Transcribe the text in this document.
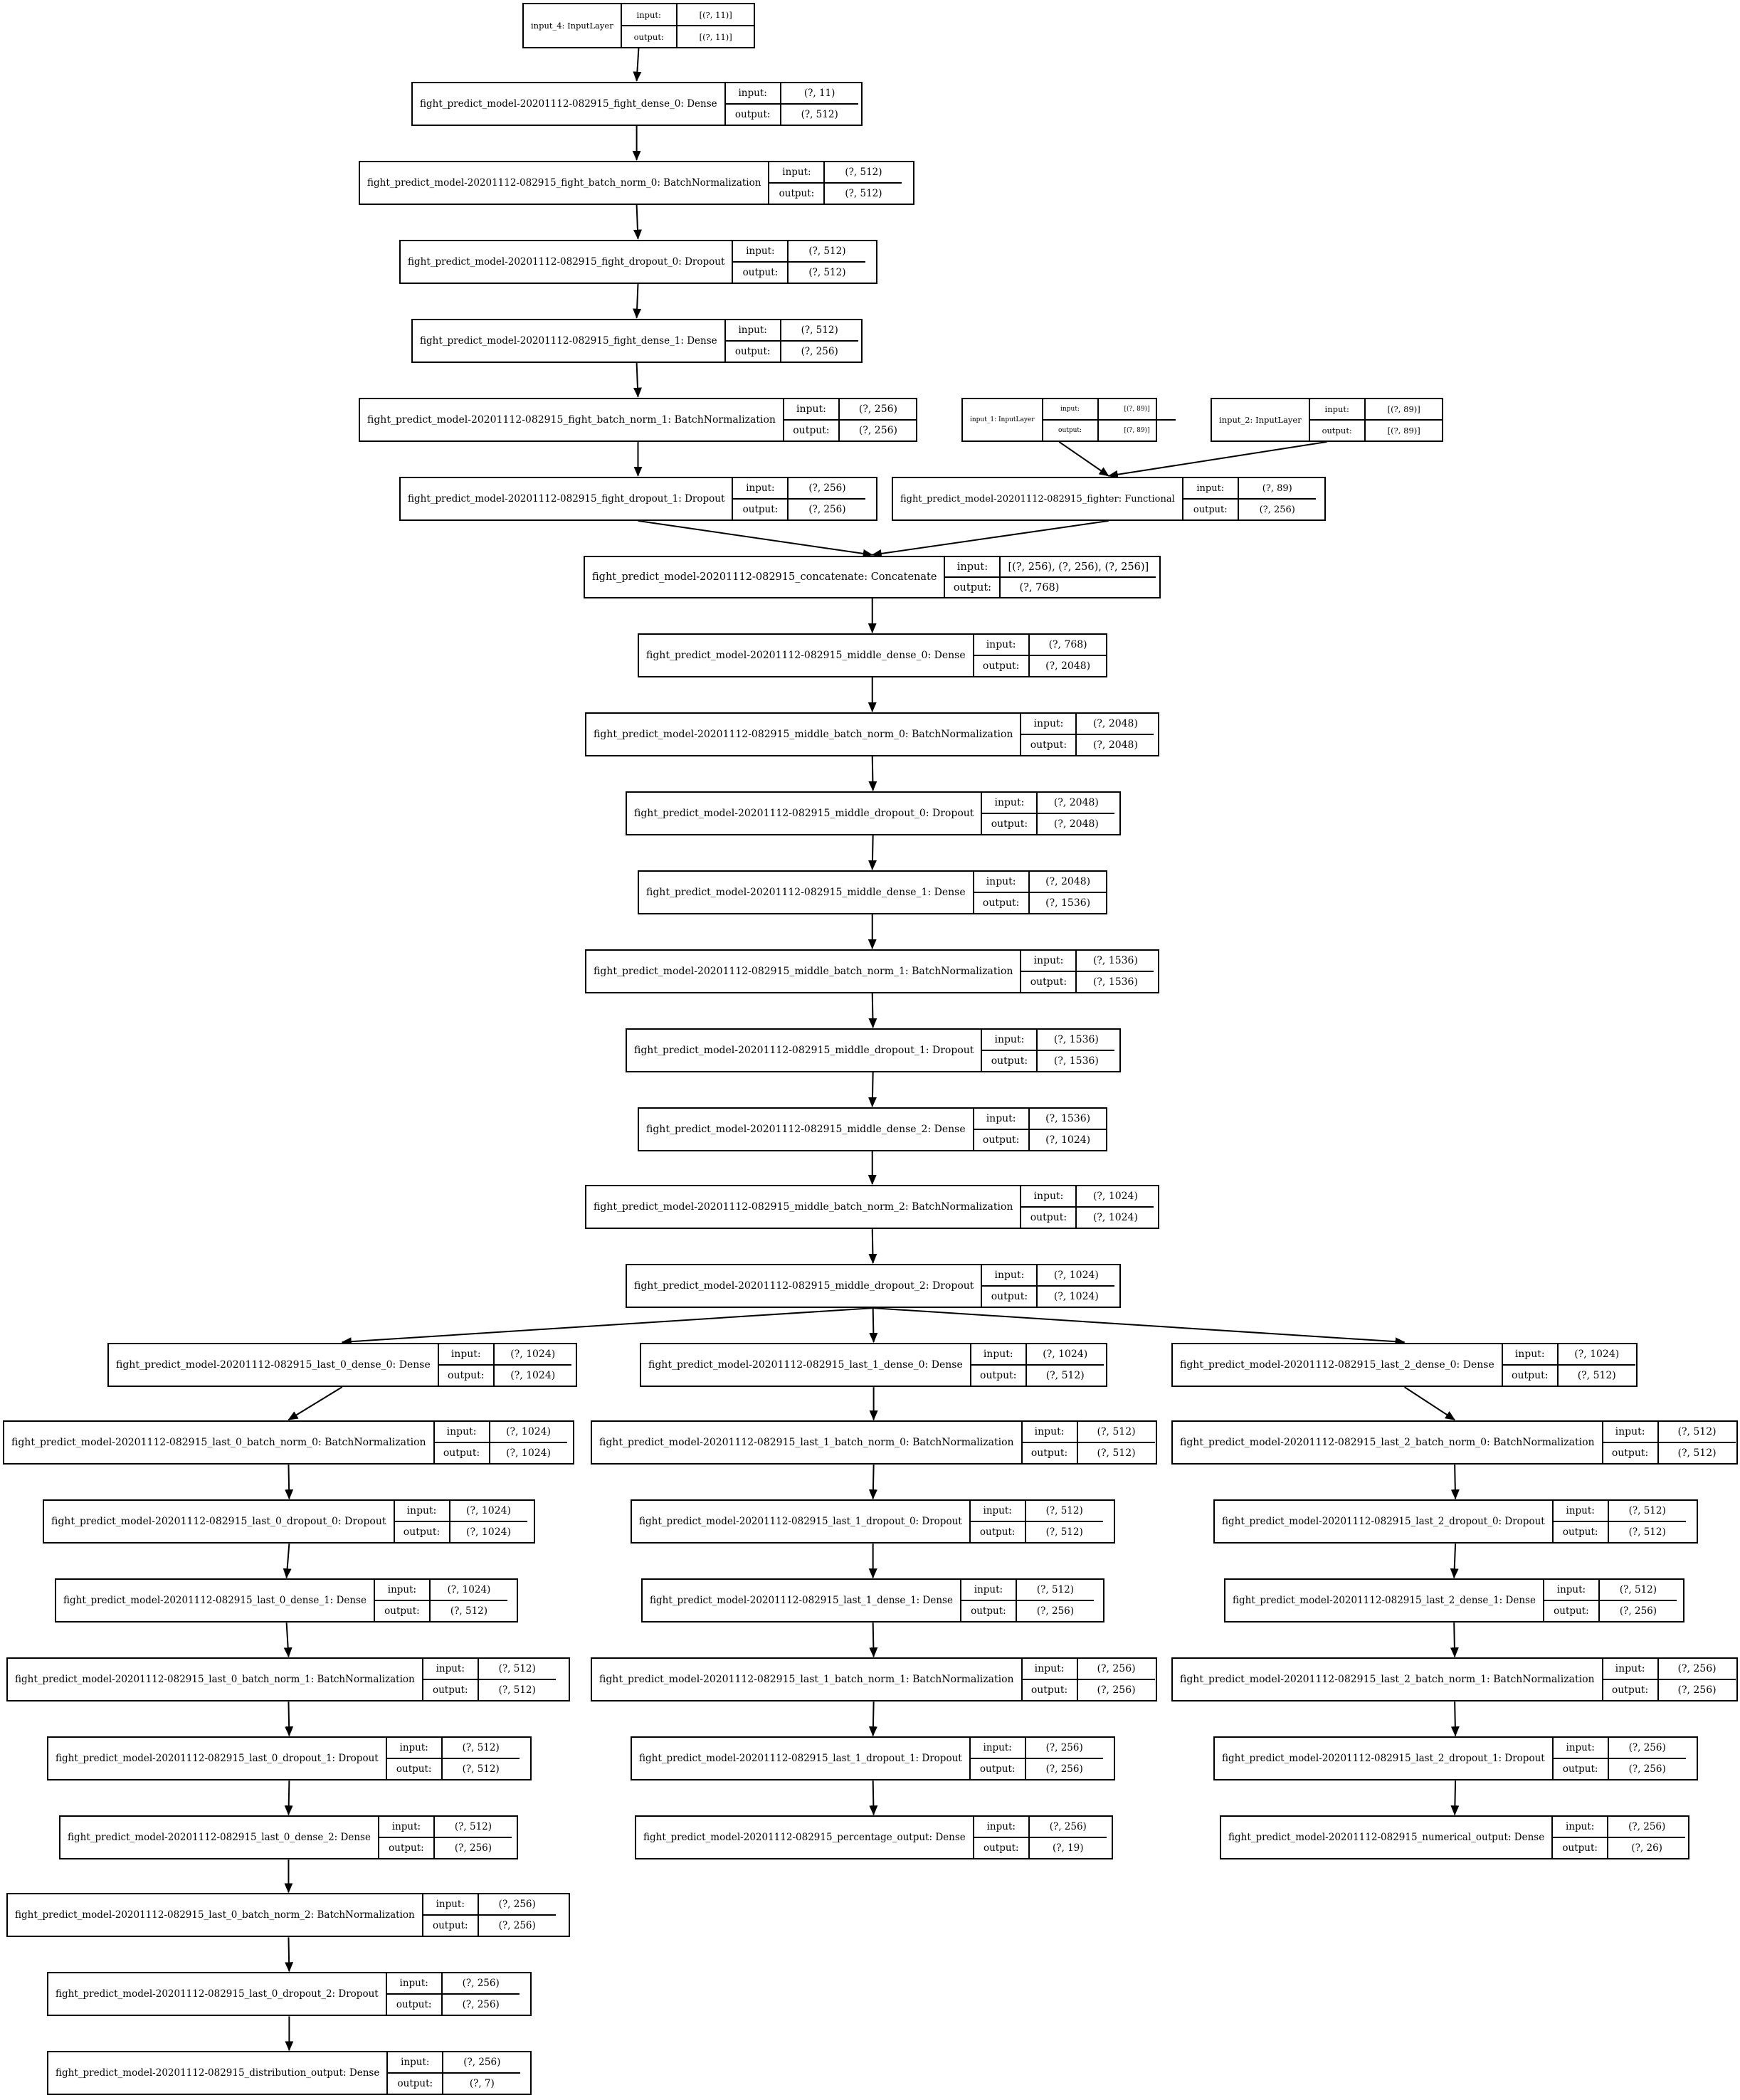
input_4: InputLayer
input:	[(?, 11)]
output:	[(?, 11)]
fight_predict_model-20201112-082915_fight_dense_0: Dense
input:	(?, 11)
output:	(?, 512)
fight_predict_model-20201112-082915_fight_batch_norm_0: BatchNormalization
input:	(?, 512)
output:	(?, 512)
fight_predict_model-20201112-082915_fight_dropout_0: Dropout
input:	(?, 512)
output:	(?, 512)
fight_predict_model-20201112-082915_fight_dense_1: Dense
input:	(?, 512)
output:	(?, 256)
fight_predict_model-20201112-082915_fight_batch_norm_1: BatchNormalization
input:	(?, 256)
output:	(?, 256)
fight_predict_model-20201112-082915_fight_dropout_1: Dropout
input:	(?, 256)
output:	(?, 256)
input_1: InputLayer
input:	[(?, 89)]
output:	[(?, 89)]
input_2: InputLayer
input:	[(?, 89)]
output:	[(?, 89)]
fight_predict_model-20201112-082915_fighter: Functional
input:	(?, 89)
output:	(?, 256)
fight_predict_model-20201112-082915_concatenate: Concatenate
input:	[(?, 256), (?, 256), (?, 256)]
output:	(?, 768)
fight_predict_model-20201112-082915_middle_dense_0: Dense
input:	(?, 768)
output:	(?, 2048)
fight_predict_model-20201112-082915_middle_batch_norm_0: BatchNormalization
input:	(?, 2048)
output:	(?, 2048)
fight_predict_model-20201112-082915_middle_dropout_0: Dropout
input:	(?, 2048)
output:	(?, 2048)
fight_predict_model-20201112-082915_middle_dense_1: Dense
input:	(?, 2048)
output:	(?, 1536)
fight_predict_model-20201112-082915_middle_batch_norm_1: BatchNormalization
input:	(?, 1536)
output:	(?, 1536)
fight_predict_model-20201112-082915_middle_dropout_1: Dropout
input:	(?, 1536)
output:	(?, 1536)
fight_predict_model-20201112-082915_middle_dense_2: Dense
input:	(?, 1536)
output:	(?, 1024)
fight_predict_model-20201112-082915_middle_batch_norm_2: BatchNormalization
input:	(?, 1024)
output:	(?, 1024)
fight_predict_model-20201112-082915_middle_dropout_2: Dropout
input:	(?, 1024)
output:	(?, 1024)
fight_predict_model-20201112-082915_last_0_dense_0: Dense
input:	(?, 1024)
output:	(?, 1024)
fight_predict_model-20201112-082915_last_0_batch_norm_0: BatchNormalization
input:	(?, 1024)
output:	(?, 1024)
fight_predict_model-20201112-082915_last_0_dropout_0: Dropout
input:	(?, 1024)
output:	(?, 1024)
fight_predict_model-20201112-082915_last_0_dense_1: Dense
input:	(?, 1024)
output:	(?, 512)
fight_predict_model-20201112-082915_last_0_batch_norm_1: BatchNormalization
input:	(?, 512)
output:	(?, 512)
fight_predict_model-20201112-082915_last_0_dropout_1: Dropout
input:	(?, 512)
output:	(?, 512)
fight_predict_model-20201112-082915_last_0_dense_2: Dense
input:	(?, 512)
output:	(?, 256)
fight_predict_model-20201112-082915_last_0_batch_norm_2: BatchNormalization
input:	(?, 256)
output:	(?, 256)
fight_predict_model-20201112-082915_last_0_dropout_2: Dropout
input:	(?, 256)
output:	(?, 256)
fight_predict_model-20201112-082915_distribution_output: Dense
input:	(?, 256)
output:	(?, 7)
fight_predict_model-20201112-082915_last_1_dense_0: Dense
input:	(?, 1024)
output:	(?, 512)
fight_predict_model-20201112-082915_last_1_batch_norm_0: BatchNormalization
input:	(?, 512)
output:	(?, 512)
fight_predict_model-20201112-082915_last_1_dropout_0: Dropout
input:	(?, 512)
output:	(?, 512)
fight_predict_model-20201112-082915_last_1_dense_1: Dense
input:	(?, 512)
output:	(?, 256)
fight_predict_model-20201112-082915_last_1_batch_norm_1: BatchNormalization
input:	(?, 256)
output:	(?, 256)
fight_predict_model-20201112-082915_last_1_dropout_1: Dropout
input:	(?, 256)
output:	(?, 256)
fight_predict_model-20201112-082915_percentage_output: Dense
input:	(?, 256)
output:	(?, 19)
fight_predict_model-20201112-082915_last_2_dense_0: Dense
input:	(?, 1024)
output:	(?, 512)
fight_predict_model-20201112-082915_last_2_batch_norm_0: BatchNormalization
input:	(?, 512)
output:	(?, 512)
fight_predict_model-20201112-082915_last_2_dropout_0: Dropout
input:	(?, 512)
output:	(?, 512)
fight_predict_model-20201112-082915_last_2_dense_1: Dense
input:	(?, 512)
output:	(?, 256)
fight_predict_model-20201112-082915_last_2_batch_norm_1: BatchNormalization
input:	(?, 256)
output:	(?, 256)
fight_predict_model-20201112-082915_last_2_dropout_1: Dropout
input:	(?, 256)
output:	(?, 256)
fight_predict_model-20201112-082915_numerical_output: Dense
input:	(?, 256)
output:	(?, 26)
